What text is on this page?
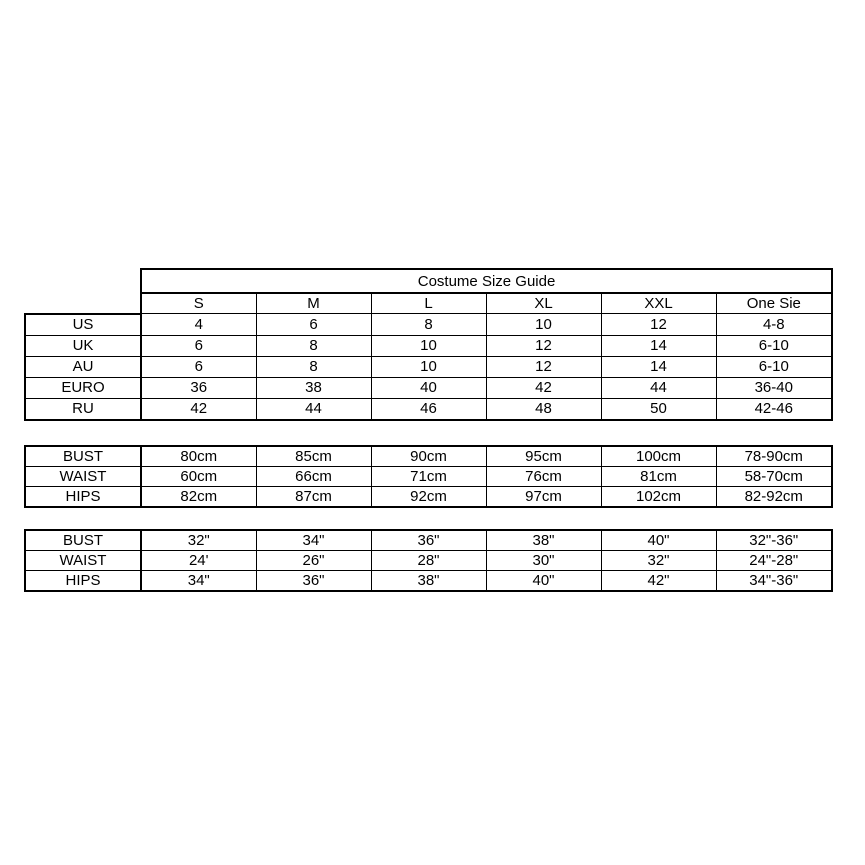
	Costume Size Guide					
	S	M	L	XL	XXL	One Sie
US	4	6	8	10	12	4-8
UK	6	8	10	12	14	6-10
AU	6	8	10	12	14	6-10
EURO	36	38	40	42	44	36-40
RU	42	44	46	48	50	42-46
BUST	80cm	85cm	90cm	95cm	100cm	78-90cm
WAIST	60cm	66cm	71cm	76cm	81cm	58-70cm
HIPS	82cm	87cm	92cm	97cm	102cm	82-92cm
BUST	32"	34"	36"	38"	40"	32"-36"
WAIST	24'	26"	28"	30"	32"	24"-28"
HIPS	34"	36"	38"	40"	42"	34"-36"
